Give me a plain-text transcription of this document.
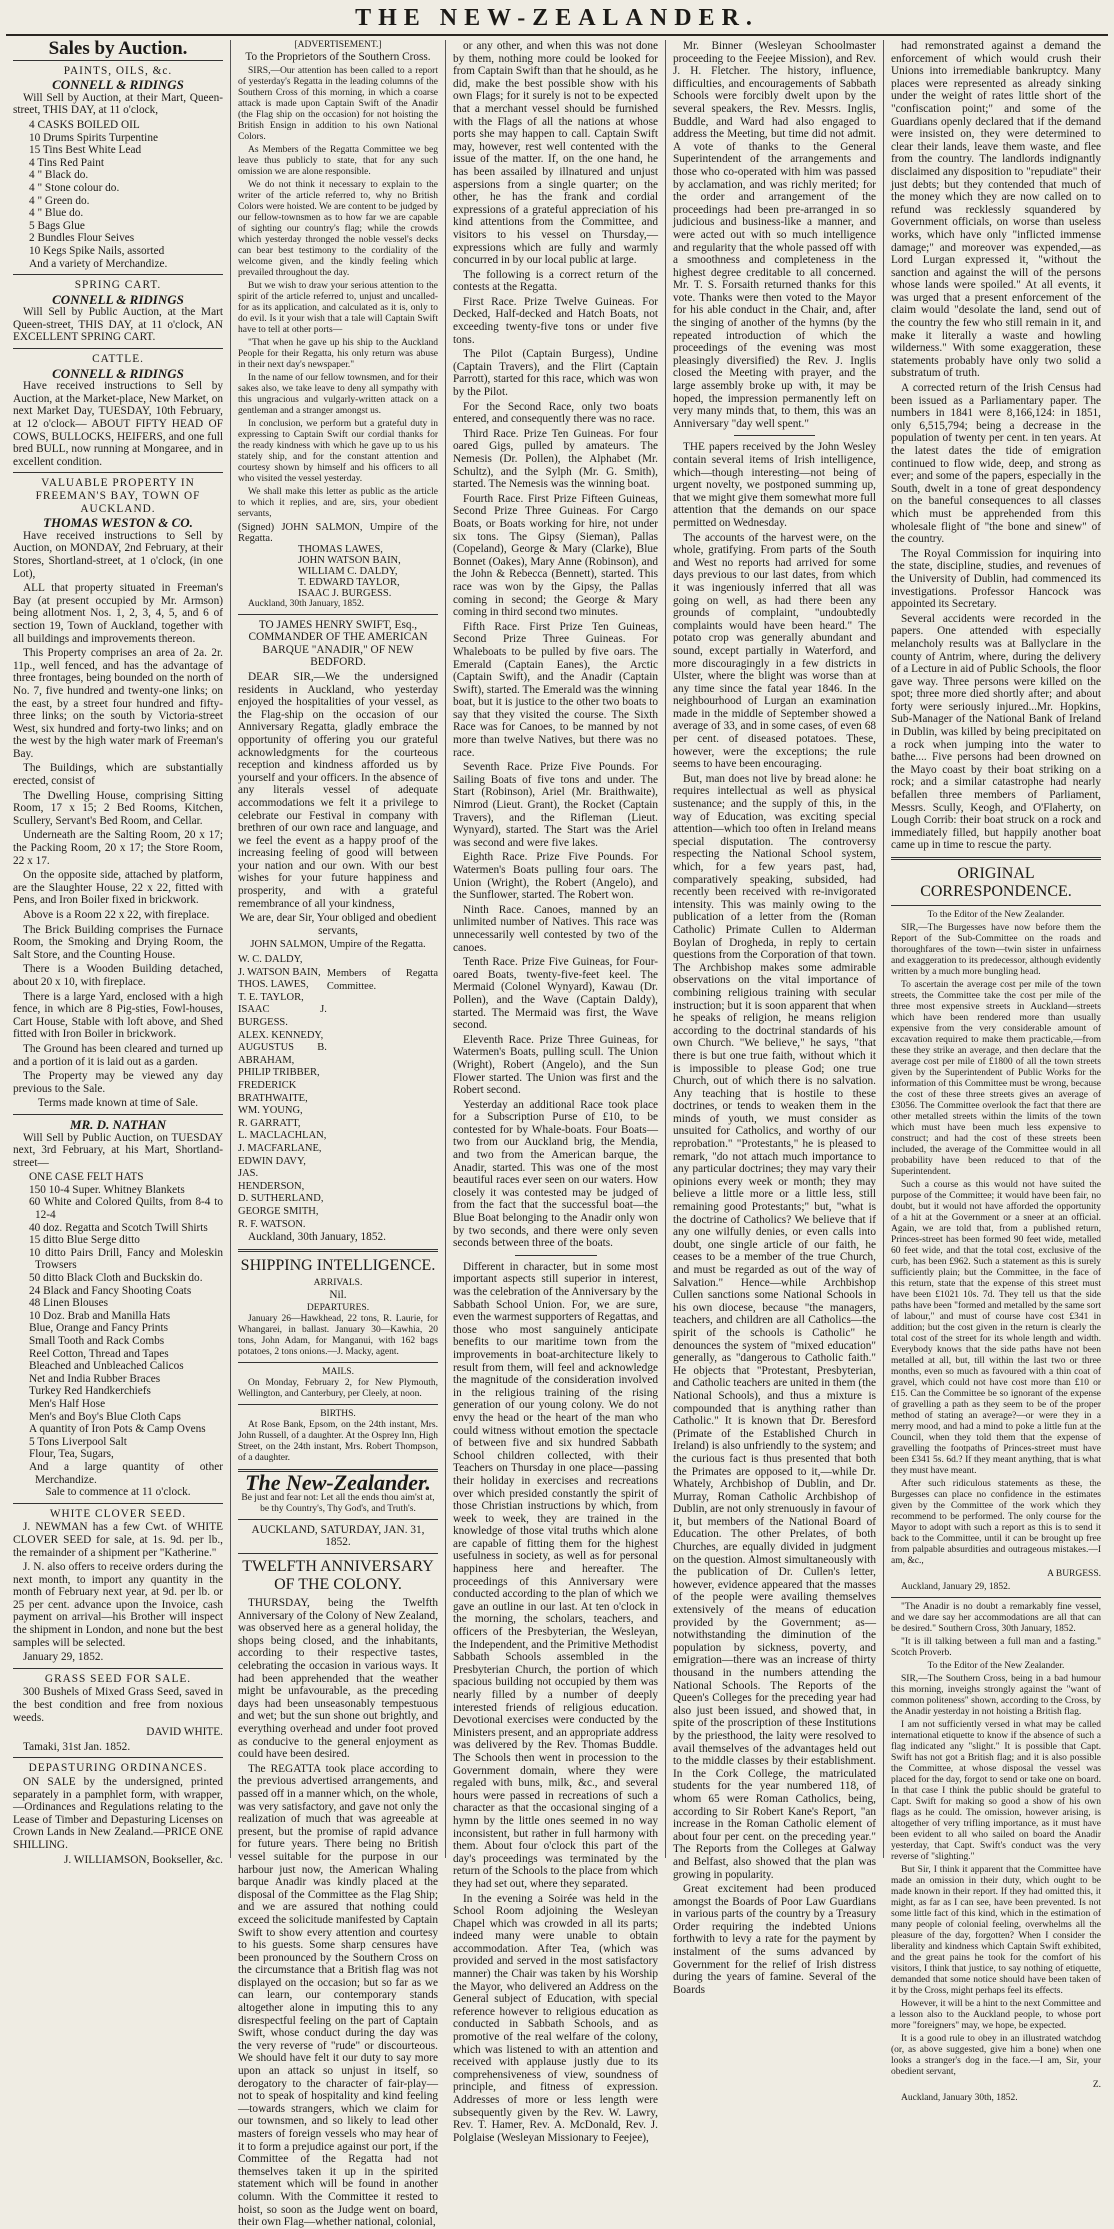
THE NEW-ZEALANDER.
Sales by Auction.
PAINTS, OILS, &c.
CONNELL & RIDINGS

Will Sell by Auction, at their Mart, Queen-street, THIS DAY, at 11 o'clock,

4 CASKS BOILED OIL
10 Drums Spirits Turpentine
15 Tins Best White Lead
4 Tins Red Paint
4 " Black do.
4 " Stone colour do.
4 " Green do.
4 " Blue do.
5 Bags Glue
2 Bundles Flour Seives
10 Kegs Spike Nails, assorted
And a variety of Merchandize.
SPRING CART.
CONNELL & RIDINGS

Will Sell by Public Auction, at the Mart Queen-street, THIS DAY, at 11 o'clock, AN EXCELLENT SPRING CART.

CATTLE.
CONNELL & RIDINGS

Have received instructions to Sell by Auction, at the Market-place, New Market, on next Market Day, TUESDAY, 10th February, at 12 o'clock— ABOUT FIFTY HEAD OF COWS, BULLOCKS, HEIFERS, and one full bred BULL, now running at Mongaree, and in excellent condition.

VALUABLE PROPERTY IN FREEMAN'S BAY, TOWN OF AUCKLAND.
THOMAS WESTON & CO.

Have received instructions to Sell by Auction, on MONDAY, 2nd February, at their Stores, Shortland-street, at 1 o'clock, (in one Lot),

ALL that property situated in Freeman's Bay (at present occupied by Mr. Armson) being allotment Nos. 1, 2, 3, 4, 5, and 6 of section 19, Town of Auckland, together with all buildings and improvements thereon.

This Property comprises an area of 2a. 2r. 11p., well fenced, and has the advantage of three frontages, being bounded on the north of No. 7, five hundred and twenty-one links; on the east, by a street four hundred and fifty-three links; on the south by Victoria-street West, six hundred and forty-two links; and on the west by the high water mark of Freeman's Bay.

The Buildings, which are substantially erected, consist of

The Dwelling House, comprising Sitting Room, 17 x 15; 2 Bed Rooms, Kitchen, Scullery, Servant's Bed Room, and Cellar.

Underneath are the Salting Room, 20 x 17; the Packing Room, 20 x 17; the Store Room, 22 x 17.

On the opposite side, attached by platform, are the Slaughter House, 22 x 22, fitted with Pens, and Iron Boiler fixed in brickwork.

Above is a Room 22 x 22, with fireplace.

The Brick Building comprises the Furnace Room, the Smoking and Drying Room, the Salt Store, and the Counting House.

There is a Wooden Building detached, about 20 x 10, with fireplace.

There is a large Yard, enclosed with a high fence, in which are 8 Pig-sties, Fowl-houses, Cart House, Stable with loft above, and Shed fitted with Iron Boiler in brickwork.

The Ground has been cleared and turned up and a portion of it is laid out as a garden.

The Property may be viewed any day previous to the Sale.

Terms made known at time of Sale.

MR. D. NATHAN

Will Sell by Public Auction, on TUESDAY next, 3rd February, at his Mart, Shortland-street—

ONE CASE FELT HATS
150 10-4 Super. Whitney Blankets
60 White and Colored Quilts, from 8-4 to 12-4
40 doz. Regatta and Scotch Twill Shirts
15 ditto Blue Serge ditto
10 ditto Pairs Drill, Fancy and Moleskin Trowsers
50 ditto Black Cloth and Buckskin do.
24 Black and Fancy Shooting Coats
48 Linen Blouses
10 Doz. Brab and Manilla Hats
Blue, Orange and Fancy Prints
Small Tooth and Rack Combs
Reel Cotton, Thread and Tapes
Bleached and Unbleached Calicos
Net and India Rubber Braces
Turkey Red Handkerchiefs
Men's Half Hose
Men's and Boy's Blue Cloth Caps
A quantity of Iron Pots & Camp Ovens
5 Tons Liverpool Salt
Flour, Tea, Sugars,
And a large quantity of other Merchandize.

Sale to commence at 11 o'clock.

WHITE CLOVER SEED.

J. NEWMAN has a few Cwt. of WHITE CLOVER SEED for sale, at 1s. 9d. per lb., the remainder of a shipment per "Katherine."

J. N. also offers to receive orders during the next month, to import any quantity in the month of February next year, at 9d. per lb. or 25 per cent. advance upon the Invoice, cash payment on arrival—his Brother will inspect the shipment in London, and none but the best samples will be selected.

January 29, 1852.

GRASS SEED FOR SALE.

300 Bushels of Mixed Grass Seed, saved in the best condition and free from noxious weeds.

DAVID WHITE.

Tamaki, 31st Jan. 1852.

DEPASTURING ORDINANCES.

ON SALE by the undersigned, printed separately in a pamphlet form, with wrapper,—Ordinances and Regulations relating to the Lease of Timber and Depasturing Licenses on Crown Lands in New Zealand.—PRICE ONE SHILLING.

J. WILLIAMSON, Bookseller, &c.

[ADVERTISEMENT.]

To the Proprietors of the Southern Cross.

SIRS,—Our attention has been called to a report of yesterday's Regatta in the leading columns of the Southern Cross of this morning, in which a coarse attack is made upon Captain Swift of the Anadir (the Flag ship on the occasion) for not hoisting the British Ensign in addition to his own National Colors.

As Members of the Regatta Committee we beg leave thus publicly to state, that for any such omission we are alone responsible.

We do not think it necessary to explain to the writer of the article referred to, why no British Colors were hoisted. We are content to be judged by our fellow-townsmen as to how far we are capable of sighting our country's flag; while the crowds which yesterday thronged the noble vessel's decks can bear best testimony to the cordiality of the welcome given, and the kindly feeling which prevailed throughout the day.

But we wish to draw your serious attention to the spirit of the article referred to, unjust and uncalled-for as its application, and calculated as it is, only to do evil. Is it your wish that a tale will Captain Swift have to tell at other ports—

"That when he gave up his ship to the Auckland People for their Regatta, his only return was abuse in their next day's newspaper."

In the name of our fellow townsmen, and for their sakes also, we take leave to deny all sympathy with this ungracious and vulgarly-written attack on a gentleman and a stranger amongst us.

In conclusion, we perform but a grateful duty in expressing to Captain Swift our cordial thanks for the ready kindness with which he gave up to us his stately ship, and for the constant attention and courtesy shown by himself and his officers to all who visited the vessel yesterday.

We shall make this letter as public as the article to which it replies, and are, sirs, your obedient servants,

(Signed) JOHN SALMON, Umpire of the Regatta.
THOMAS LAWES,
JOHN WATSON BAIN,
WILLIAM C. DALDY,
T. EDWARD TAYLOR,
ISAAC J. BURGESS.

Auckland, 30th January, 1852.

TO JAMES HENRY SWIFT, Esq., COMMANDER OF THE AMERICAN BARQUE "ANADIR," OF NEW BEDFORD.

DEAR SIR,—We the undersigned residents in Auckland, who yesterday enjoyed the hospitalities of your vessel, as the Flag-ship on the occasion of our Anniversary Regatta, gladly embrace the opportunity of offering you our grateful acknowledgments for the courteous reception and kindness afforded us by yourself and your officers. In the absence of any literals vessel of adequate accommodations we felt it a privilege to celebrate our Festival in company with brethren of our own race and language, and we feel the event as a happy proof of the increasing feeling of good will between your nation and our own. With our best wishes for your future happiness and prosperity, and with a grateful remembrance of all your kindness,

We are, dear Sir, Your obliged and obedient servants,

JOHN SALMON, Umpire of the Regatta.

W. C. DALDY,
J. WATSON BAIN,
THOS. LAWES,
T. E. TAYLOR,
ISAAC J. BURGESS.
ALEX. KENNEDY,
AUGUSTUS B. ABRAHAM,
PHILIP TRIBBER,
FREDERICK BRATHWAITE,
WM. YOUNG,
R. GARRATT,
L. MACLACHLAN,
J. MACFARLANE,
EDWIN DAVY,
JAS. HENDERSON,
D. SUTHERLAND,
GEORGE SMITH,
R. F. WATSON.
Members of Regatta Committee.

Auckland, 30th January, 1852.

SHIPPING INTELLIGENCE.
ARRIVALS.

Nil.

DEPARTURES.

January 26—Hawkhead, 22 tons, R. Laurie, for Whangarei, in ballast. January 30—Kawhia, 20 tons, John Adam, for Manganui, with 162 bags potatoes, 2 tons onions.—J. Macky, agent.

MAILS.

On Monday, February 2, for New Plymouth, Wellington, and Canterbury, per Cleely, at noon.

BIRTHS.

At Rose Bank, Epsom, on the 24th instant, Mrs. John Russell, of a daughter. At the Osprey Inn, High Street, on the 24th instant, Mrs. Robert Thompson, of a daughter.

The New-Zealander.

Be just and fear not: Let all the ends thou aim'st at, be thy Country's, Thy God's, and Truth's.

AUCKLAND, SATURDAY, JAN. 31, 1852.

TWELFTH ANNIVERSARY OF THE COLONY.

THURSDAY, being the Twelfth Anniversary of the Colony of New Zealand, was observed here as a general holiday, the shops being closed, and the inhabitants, according to their respective tastes, celebrating the occasion in various ways. It had been apprehended that the weather might be unfavourable, as the preceding days had been unseasonably tempestuous and wet; but the sun shone out brightly, and everything overhead and under foot proved as conducive to the general enjoyment as could have been desired.

The REGATTA took place according to the previous advertised arrangements, and passed off in a manner which, on the whole, was very satisfactory, and gave not only the realization of much that was agreeable at present, but the promise of rapid advance for future years. There being no British vessel suitable for the purpose in our harbour just now, the American Whaling barque Anadir was kindly placed at the disposal of the Committee as the Flag Ship; and we are assured that nothing could exceed the solicitude manifested by Captain Swift to show every attention and courtesy to his guests. Some sharp censures have been pronounced by the Southern Cross on the circumstance that a British flag was not displayed on the occasion; but so far as we can learn, our contemporary stands altogether alone in imputing this to any disrespectful feeling on the part of Captain Swift, whose conduct during the day was the very reverse of "rude" or discourteous. We should have felt it our duty to say more upon an attack so unjust in itself, so derogatory to the character of fair-play—not to speak of hospitality and kind feeling—towards strangers, which we claim for our townsmen, and so likely to lead other masters of foreign vessels who may hear of it to form a prejudice against our port, if the Committee of the Regatta had not themselves taken it up in the spirited statement which will be found in another column. With the Committee it rested to hoist, so soon as the Judge went on board, their own Flag—whether national, colonial,

or any other, and when this was not done by them, nothing more could be looked for from Captain Swift than that he should, as he did, make the best possible show with his own Flags; for it surely is not to be expected that a merchant vessel should be furnished with the Flags of all the nations at whose ports she may happen to call. Captain Swift may, however, rest well contented with the issue of the matter. If, on the one hand, he has been assailed by illnatured and unjust aspersions from a single quarter; on the other, he has the frank and cordial expressions of a grateful appreciation of his kind attentions from the Committee, and visitors to his vessel on Thursday,—expressions which are fully and warmly concurred in by our local public at large.

The following is a correct return of the contests at the Regatta.

First Race. Prize Twelve Guineas. For Decked, Half-decked and Hatch Boats, not exceeding twenty-five tons or under five tons.

The Pilot (Captain Burgess), Undine (Captain Travers), and the Flirt (Captain Parrott), started for this race, which was won by the Pilot.

For the Second Race, only two boats entered, and consequently there was no race.

Third Race. Prize Ten Guineas. For four oared Gigs, pulled by amateurs. The Nemesis (Dr. Pollen), the Alphabet (Mr. Schultz), and the Sylph (Mr. G. Smith), started. The Nemesis was the winning boat.

Fourth Race. First Prize Fifteen Guineas, Second Prize Three Guineas. For Cargo Boats, or Boats working for hire, not under six tons. The Gipsy (Sieman), Pallas (Copeland), George & Mary (Clarke), Blue Bonnet (Oakes), Mary Anne (Robinson), and the John & Rebecca (Bennett), started. This race was won by the Gipsy, the Pallas coming in second; the George & Mary coming in third second two minutes.

Fifth Race. First Prize Ten Guineas, Second Prize Three Guineas. For Whaleboats to be pulled by five oars. The Emerald (Captain Eanes), the Arctic (Captain Swift), and the Anadir (Captain Swift), started. The Emerald was the winning boat, but it is justice to the other two boats to say that they visited the course. The Sixth Race was for Canoes, to be manned by not more than twelve Natives, but there was no race.

Seventh Race. Prize Five Pounds. For Sailing Boats of five tons and under. The Start (Robinson), Ariel (Mr. Braithwaite), Nimrod (Lieut. Grant), the Rocket (Captain Travers), and the Rifleman (Lieut. Wynyard), started. The Start was the Ariel was second and were five lakes.

Eighth Race. Prize Five Pounds. For Watermen's Boats pulling four oars. The Union (Wright), the Robert (Angelo), and the Sunflower, started. The Robert won.

Ninth Race. Canoes, manned by an unlimited number of Natives. This race was unnecessarily well contested by two of the canoes.

Tenth Race. Prize Five Guineas, for Four-oared Boats, twenty-five-feet keel. The Mermaid (Colonel Wynyard), Kawau (Dr. Pollen), and the Wave (Captain Daldy), started. The Mermaid was first, the Wave second.

Eleventh Race. Prize Three Guineas, for Watermen's Boats, pulling scull. The Union (Wright), Robert (Angelo), and the Sun Flower started. The Union was first and the Robert second.

Yesterday an additional Race took place for a Subscription Purse of £10, to be contested for by Whale-boats. Four Boats—two from our Auckland brig, the Mendia, and two from the American barque, the Anadir, started. This was one of the most beautiful races ever seen on our waters. How closely it was contested may be judged of from the fact that the successful boat—the Blue Boat belonging to the Anadir only won by two seconds, and there were only seven seconds between three of the boats.

Different in character, but in some most important aspects still superior in interest, was the celebration of the Anniversary by the Sabbath School Union. For, we are sure, even the warmest supporters of Regattas, and those who most sanguinely anticipate benefits to our maritime town from the improvements in boat-architecture likely to result from them, will feel and acknowledge the magnitude of the consideration involved in the religious training of the rising generation of our young colony. We do not envy the head or the heart of the man who could witness without emotion the spectacle of between five and six hundred Sabbath School children collected, with their Teachers on Thursday in one place—passing their holiday in exercises and recreations over which presided constantly the spirit of those Christian instructions by which, from week to week, they are trained in the knowledge of those vital truths which alone are capable of fitting them for the highest usefulness in society, as well as for personal happiness here and hereafter. The proceedings of this Anniversary were conducted according to the plan of which we gave an outline in our last. At ten o'clock in the morning, the scholars, teachers, and officers of the Presbyterian, the Wesleyan, the Independent, and the Primitive Methodist Sabbath Schools assembled in the Presbyterian Church, the portion of which spacious building not occupied by them was nearly filled by a number of deeply interested friends of religious education. Devotional exercises were conducted by the Ministers present, and an appropriate address was delivered by the Rev. Thomas Buddle. The Schools then went in procession to the Government domain, where they were regaled with buns, milk, &c., and several hours were passed in recreations of such a character as that the occasional singing of a hymn by the little ones seemed in no way inconsistent, but rather in full harmony with them. About four o'clock this part of the day's proceedings was terminated by the return of the Schools to the place from which they had set out, where they separated.

In the evening a Soirée was held in the School Room adjoining the Wesleyan Chapel which was crowded in all its parts; indeed many were unable to obtain accommodation. After Tea, (which was provided and served in the most satisfactory manner) the Chair was taken by his Worship the Mayor, who delivered an Address on the General subject of Education, with special reference however to religious education as conducted in Sabbath Schools, and as promotive of the real welfare of the colony, which was listened to with an attention and received with applause justly due to its comprehensiveness of view, soundness of principle, and fitness of expression. Addresses of more or less length were subsequently given by the Rev. W. Lawry, Rev. T. Hamer, Rev. A. McDonald, Rev. J. Polglaise (Wesleyan Missionary to Feejee),

Mr. Binner (Wesleyan Schoolmaster proceeding to the Feejee Mission), and Rev. J. H. Fletcher. The history, influence, difficulties, and encouragements of Sabbath Schools were forcibly dwelt upon by the several speakers, the Rev. Messrs. Inglis, Buddle, and Ward had also engaged to address the Meeting, but time did not admit. A vote of thanks to the General Superintendent of the arrangements and those who co-operated with him was passed by acclamation, and was richly merited; for the order and arrangement of the proceedings had been pre-arranged in so judicious and business-like a manner, and were acted out with so much intelligence and regularity that the whole passed off with a smoothness and completeness in the highest degree creditable to all concerned. Mr. T. S. Forsaith returned thanks for this vote. Thanks were then voted to the Mayor for his able conduct in the Chair, and, after the singing of another of the hymns (by the repeated introduction of which the proceedings of the evening was most pleasingly diversified) the Rev. J. Inglis closed the Meeting with prayer, and the large assembly broke up with, it may be hoped, the impression permanently left on very many minds that, to them, this was an Anniversary "day well spent."

THE papers received by the John Wesley contain several items of Irish intelligence, which—though interesting—not being of urgent novelty, we postponed summing up, that we might give them somewhat more full attention that the demands on our space permitted on Wednesday.

The accounts of the harvest were, on the whole, gratifying. From parts of the South and West no reports had arrived for some days previous to our last dates, from which it was ingeniously inferred that all was going on well, as had there been any grounds of complaint, "undoubtedly complaints would have been heard." The potato crop was generally abundant and sound, except partially in Waterford, and more discouragingly in a few districts in Ulster, where the blight was worse than at any time since the fatal year 1846. In the neighbourhood of Lurgan an examination made in the middle of September showed a average of 33, and in some cases, of even 68 per cent. of diseased potatoes. These, however, were the exceptions; the rule seems to have been encouraging.

But, man does not live by bread alone: he requires intellectual as well as physical sustenance; and the supply of this, in the way of Education, was exciting special attention—which too often in Ireland means special disputation. The controversy respecting the National School system, which, for a few years past, had, comparatively speaking, subsided, had recently been received with re-invigorated intensity. This was mainly owing to the publication of a letter from the (Roman Catholic) Primate Cullen to Alderman Boylan of Drogheda, in reply to certain questions from the Corporation of that town. The Archbishop makes some admirable observations on the vital importance of combining religious training with secular instruction; but it is soon apparent that when he speaks of religion, he means religion according to the doctrinal standards of his own Church. "We believe," he says, "that there is but one true faith, without which it is impossible to please God; one true Church, out of which there is no salvation. Any teaching that is hostile to these doctrines, or tends to weaken them in the minds of youth, we must consider as unsuited for Catholics, and worthy of our reprobation." "Protestants," he is pleased to remark, "do not attach much importance to any particular doctrines; they may vary their opinions every week or month; they may believe a little more or a little less, still remaining good Protestants;" but, "what is the doctrine of Catholics? We believe that if any one wilfully denies, or even calls into doubt, one single article of our faith, he ceases to be a member of the true Church, and must be regarded as out of the way of Salvation." Hence—while Archbishop Cullen sanctions some National Schools in his own diocese, because "the managers, teachers, and children are all Catholics—the spirit of the schools is Catholic" he denounces the system of "mixed education" generally, as "dangerous to Catholic faith." He objects that "Protestant, Presbyterian, and Catholic teachers are united in them (the National Schools), and thus a mixture is compounded that is anything rather than Catholic." It is known that Dr. Beresford (Primate of the Established Church in Ireland) is also unfriendly to the system; and the curious fact is thus presented that both the Primates are opposed to it,—while Dr. Whately, Archbishop of Dublin, and Dr. Murray, Roman Catholic Archbishop of Dublin, are not only strenuously in favour of it, but members of the National Board of Education. The other Prelates, of both Churches, are equally divided in judgment on the question. Almost simultaneously with the publication of Dr. Cullen's letter, however, evidence appeared that the masses of the people were availing themselves extensively of the means of education provided by the Government; as—notwithstanding the diminution of the population by sickness, poverty, and emigration—there was an increase of thirty thousand in the numbers attending the National Schools. The Reports of the Queen's Colleges for the preceding year had also just been issued, and showed that, in spite of the proscription of these Institutions by the priesthood, the laity were resolved to avail themselves of the advantages held out to the middle classes by their establishment. In the Cork College, the matriculated students for the year numbered 118, of whom 65 were Roman Catholics, being, according to Sir Robert Kane's Report, "an increase in the Roman Catholic element of about four per cent. on the preceding year." The Reports from the Colleges at Galway and Belfast, also showed that the plan was growing in popularity.

Great excitement had been produced amongst the Boards of Poor Law Guardians in various parts of the country by a Treasury Order requiring the indebted Unions forthwith to levy a rate for the payment by instalment of the sums advanced by Government for the relief of Irish distress during the years of famine. Several of the Boards

had remonstrated against a demand the enforcement of which would crush their Unions into irremediable bankruptcy. Many places were represented as already sinking under the weight of rates little short of the "confiscation point;" and some of the Guardians openly declared that if the demand were insisted on, they were determined to clear their lands, leave them waste, and flee from the country. The landlords indignantly disclaimed any disposition to "repudiate" their just debts; but they contended that much of the money which they are now called on to refund was recklessly squandered by Government officials, on worse than useless works, which have only "inflicted immense damage;" and moreover was expended,—as Lord Lurgan expressed it, "without the sanction and against the will of the persons whose lands were spoiled." At all events, it was urged that a present enforcement of the claim would "desolate the land, send out of the country the few who still remain in it, and make it literally a waste and howling wilderness." With some exaggeration, these statements probably have only two solid a substratum of truth.

A corrected return of the Irish Census had been issued as a Parliamentary paper. The numbers in 1841 were 8,166,124: in 1851, only 6,515,794; being a decrease in the population of twenty per cent. in ten years. At the latest dates the tide of emigration continued to flow wide, deep, and strong as ever; and some of the papers, especially in the South, dwelt in a tone of great despondency on the baneful consequences to all classes which must be apprehended from this wholesale flight of "the bone and sinew" of the country.

The Royal Commission for inquiring into the state, discipline, studies, and revenues of the University of Dublin, had commenced its investigations. Professor Hancock was appointed its Secretary.

Several accidents were recorded in the papers. One attended with especially melancholy results was at Ballyclare in the county of Antrim, where, during the delivery of a Lecture in aid of Public Schools, the floor gave way. Three persons were killed on the spot; three more died shortly after; and about forty were seriously injured...Mr. Hopkins, Sub-Manager of the National Bank of Ireland in Dublin, was killed by being precipitated on a rock when jumping into the water to bathe.... Five persons had been drowned on the Mayo coast by their boat striking on a rock; and a similar catastrophe had nearly befallen three members of Parliament, Messrs. Scully, Keogh, and O'Flaherty, on Lough Corrib: their boat struck on a rock and immediately filled, but happily another boat came up in time to rescue the party.

ORIGINAL CORRESPONDENCE.

To the Editor of the New Zealander.

SIR,—The Burgesses have now before them the Report of the Sub-Committee on the roads and thoroughfares of the town—twin sister in unfairness and exaggeration to its predecessor, although evidently written by a much more bungling head.

To ascertain the average cost per mile of the town streets, the Committee take the cost per mile of the three most expensive streets in Auckland—streets which have been rendered more than usually expensive from the very considerable amount of excavation required to make them practicable,—from these they strike an average, and then declare that the average cost per mile of £1800 of all the town streets given by the Superintendent of Public Works for the information of this Committee must be wrong, because the cost of these three streets gives an average of £3056. The Committee overlook the fact that there are other metalled streets within the limits of the town which must have been much less expensive to construct; and had the cost of these streets been included, the average of the Committee would in all probability have been reduced to that of the Superintendent.

Such a course as this would not have suited the purpose of the Committee; it would have been fair, no doubt, but it would not have afforded the opportunity of a hit at the Government or a sneer at an official. Again, we are told that, from a published return, Princes-street has been formed 90 feet wide, metalled 60 feet wide, and that the total cost, exclusive of the curb, has been £962. Such a statement as this is surely sufficiently plain; but the Committee, in the face of this return, state that the expense of this street must have been £1021 10s. 7d. They tell us that the side paths have been "formed and metalled by the same sort of labour," and must of course have cost £341 in addition; but the cost given in the return is clearly the total cost of the street for its whole length and width. Everybody knows that the side paths have not been metalled at all, but, till within the last two or three months, even so much as favoured with a thin coat of gravel, which could not have cost more than £10 or £15. Can the Committee be so ignorant of the expense of gravelling a path as they seem to be of the proper method of stating an average?—or were they in a merry mood, and had a mind to poke a little fun at the Council, when they told them that the expense of gravelling the footpaths of Princes-street must have been £341 5s. 6d.? If they meant anything, that is what they must have meant.

After such ridiculous statements as these, the Burgesses can place no confidence in the estimates given by the Committee of the work which they recommend to be performed. The only course for the Mayor to adopt with such a report as this is to send it back to the Committee, until it can be brought up free from palpable absurdities and outrageous mistakes.—I am, &c.,

A BURGESS.

Auckland, January 29, 1852.

"The Anadir is no doubt a remarkably fine vessel, and we dare say her accommodations are all that can be desired." Southern Cross, 30th January, 1852.

"It is ill talking between a full man and a fasting." Scotch Proverb.

To the Editor of the New Zealander.

SIR,—The Southern Cross, being in a bad humour this morning, inveighs strongly against the "want of common politeness" shown, according to the Cross, by the Anadir yesterday in not hoisting a British flag.

I am not sufficiently versed in what may be called international etiquette to know if the absence of such a flag indicated any "slight." It is possible that Capt. Swift has not got a British flag; and it is also possible the Committee, at whose disposal the vessel was placed for the day, forgot to send or take one on board. In that case I think the public should be grateful to Capt. Swift for making so good a show of his own flags as he could. The omission, however arising, is altogether of very trifling importance, as it must have been evident to all who sailed on board the Anadir yesterday, that Capt. Swift's conduct was the very reverse of "slighting."

But Sir, I think it apparent that the Committee have made an omission in their duty, which ought to be made known in their report. If they had omitted this, it might, as far as I can see, have been prevented. Is not some little fact of this kind, which in the estimation of many people of colonial feeling, overwhelms all the pleasure of the day, forgotten? When I consider the liberality and kindness which Captain Swift exhibited, and the great pains he took for the comfort of his visitors, I think that justice, to say nothing of etiquette, demanded that some notice should have been taken of it by the Cross, might perhaps feel its effects.

However, it will be a hint to the next Committee and a lesson also to the Auckland people, to whose port more "foreigners" may, we hope, be expected.

It is a good rule to obey in an illustrated watchdog (or, as above suggested, give him a bone) when one looks a stranger's dog in the face.—I am, Sir, your obedient servant,

Z.

Auckland, January 30th, 1852.
